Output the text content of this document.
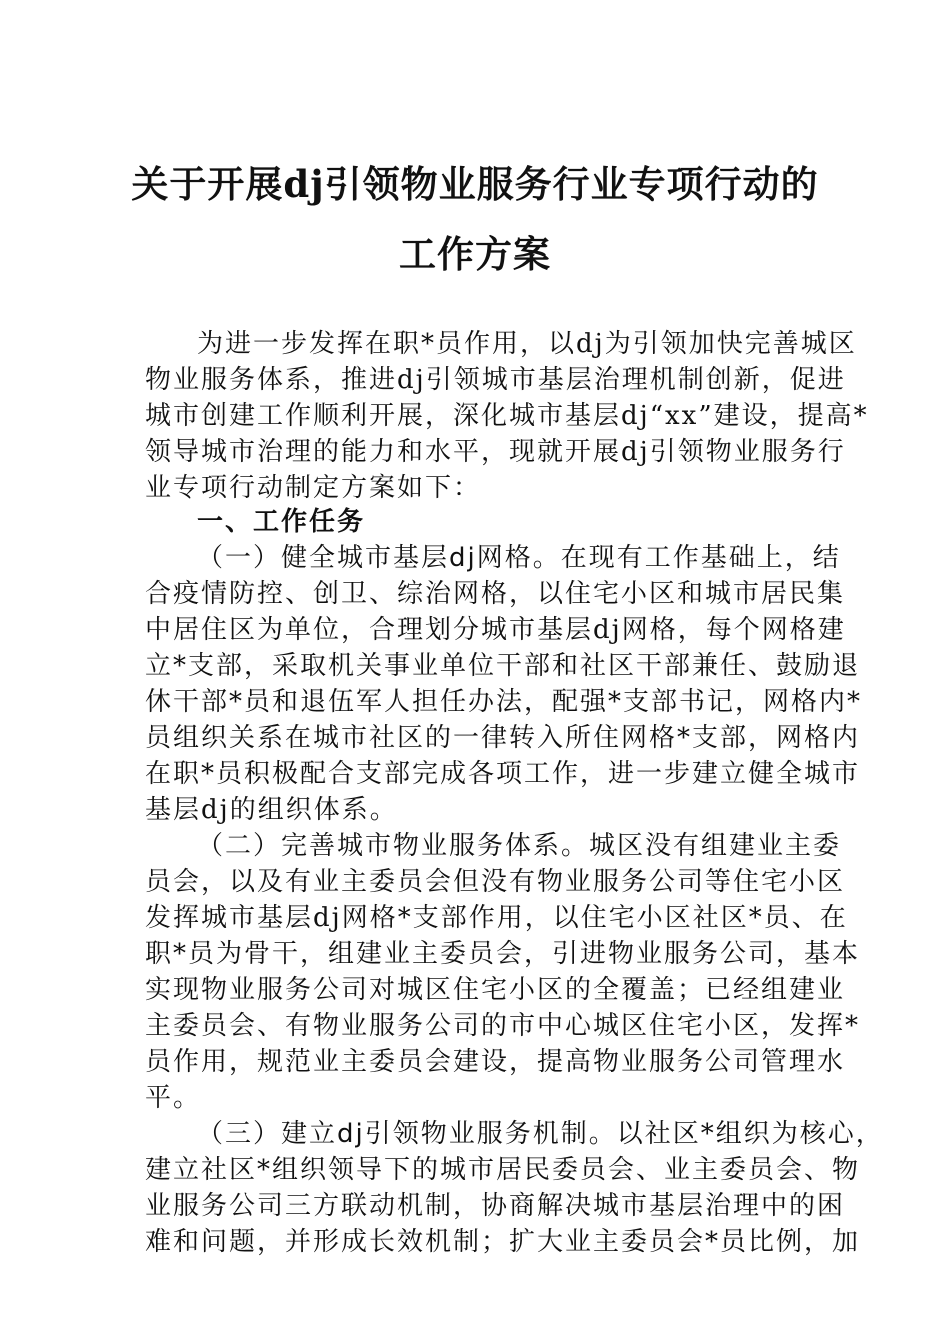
关于开展dj引领物业服务行业专项行动的
工作方案
为进一步发挥在职*员作用，以dj为引领加快完善城区
物业服务体系，推进dj引领城市基层治理机制创新，促进
城市创建工作顺利开展，深化城市基层dj“xx”建设，提高*
领导城市治理的能力和水平，现就开展dj引领物业服务行
业专项行动制定方案如下：
一、工作任务
（一）健全城市基层dj网格。在现有工作基础上，结
合疫情防控、创卫、综治网格，以住宅小区和城市居民集
中居住区为单位，合理划分城市基层dj网格，每个网格建
立*支部，采取机关事业单位干部和社区干部兼任、鼓励退
休干部*员和退伍军人担任办法，配强*支部书记，网格内*
员组织关系在城市社区的一律转入所住网格*支部，网格内
在职*员积极配合支部完成各项工作，进一步建立健全城市
基层dj的组织体系。
（二）完善城市物业服务体系。城区没有组建业主委
员会，以及有业主委员会但没有物业服务公司等住宅小区
发挥城市基层dj网格*支部作用，以住宅小区社区*员、在
职*员为骨干，组建业主委员会，引进物业服务公司，基本
实现物业服务公司对城区住宅小区的全覆盖；已经组建业
主委员会、有物业服务公司的市中心城区住宅小区，发挥*
员作用，规范业主委员会建设，提高物业服务公司管理水
平。
（三）建立dj引领物业服务机制。以社区*组织为核心，
建立社区*组织领导下的城市居民委员会、业主委员会、物
业服务公司三方联动机制，协商解决城市基层治理中的困
难和问题，并形成长效机制；扩大业主委员会*员比例，加
